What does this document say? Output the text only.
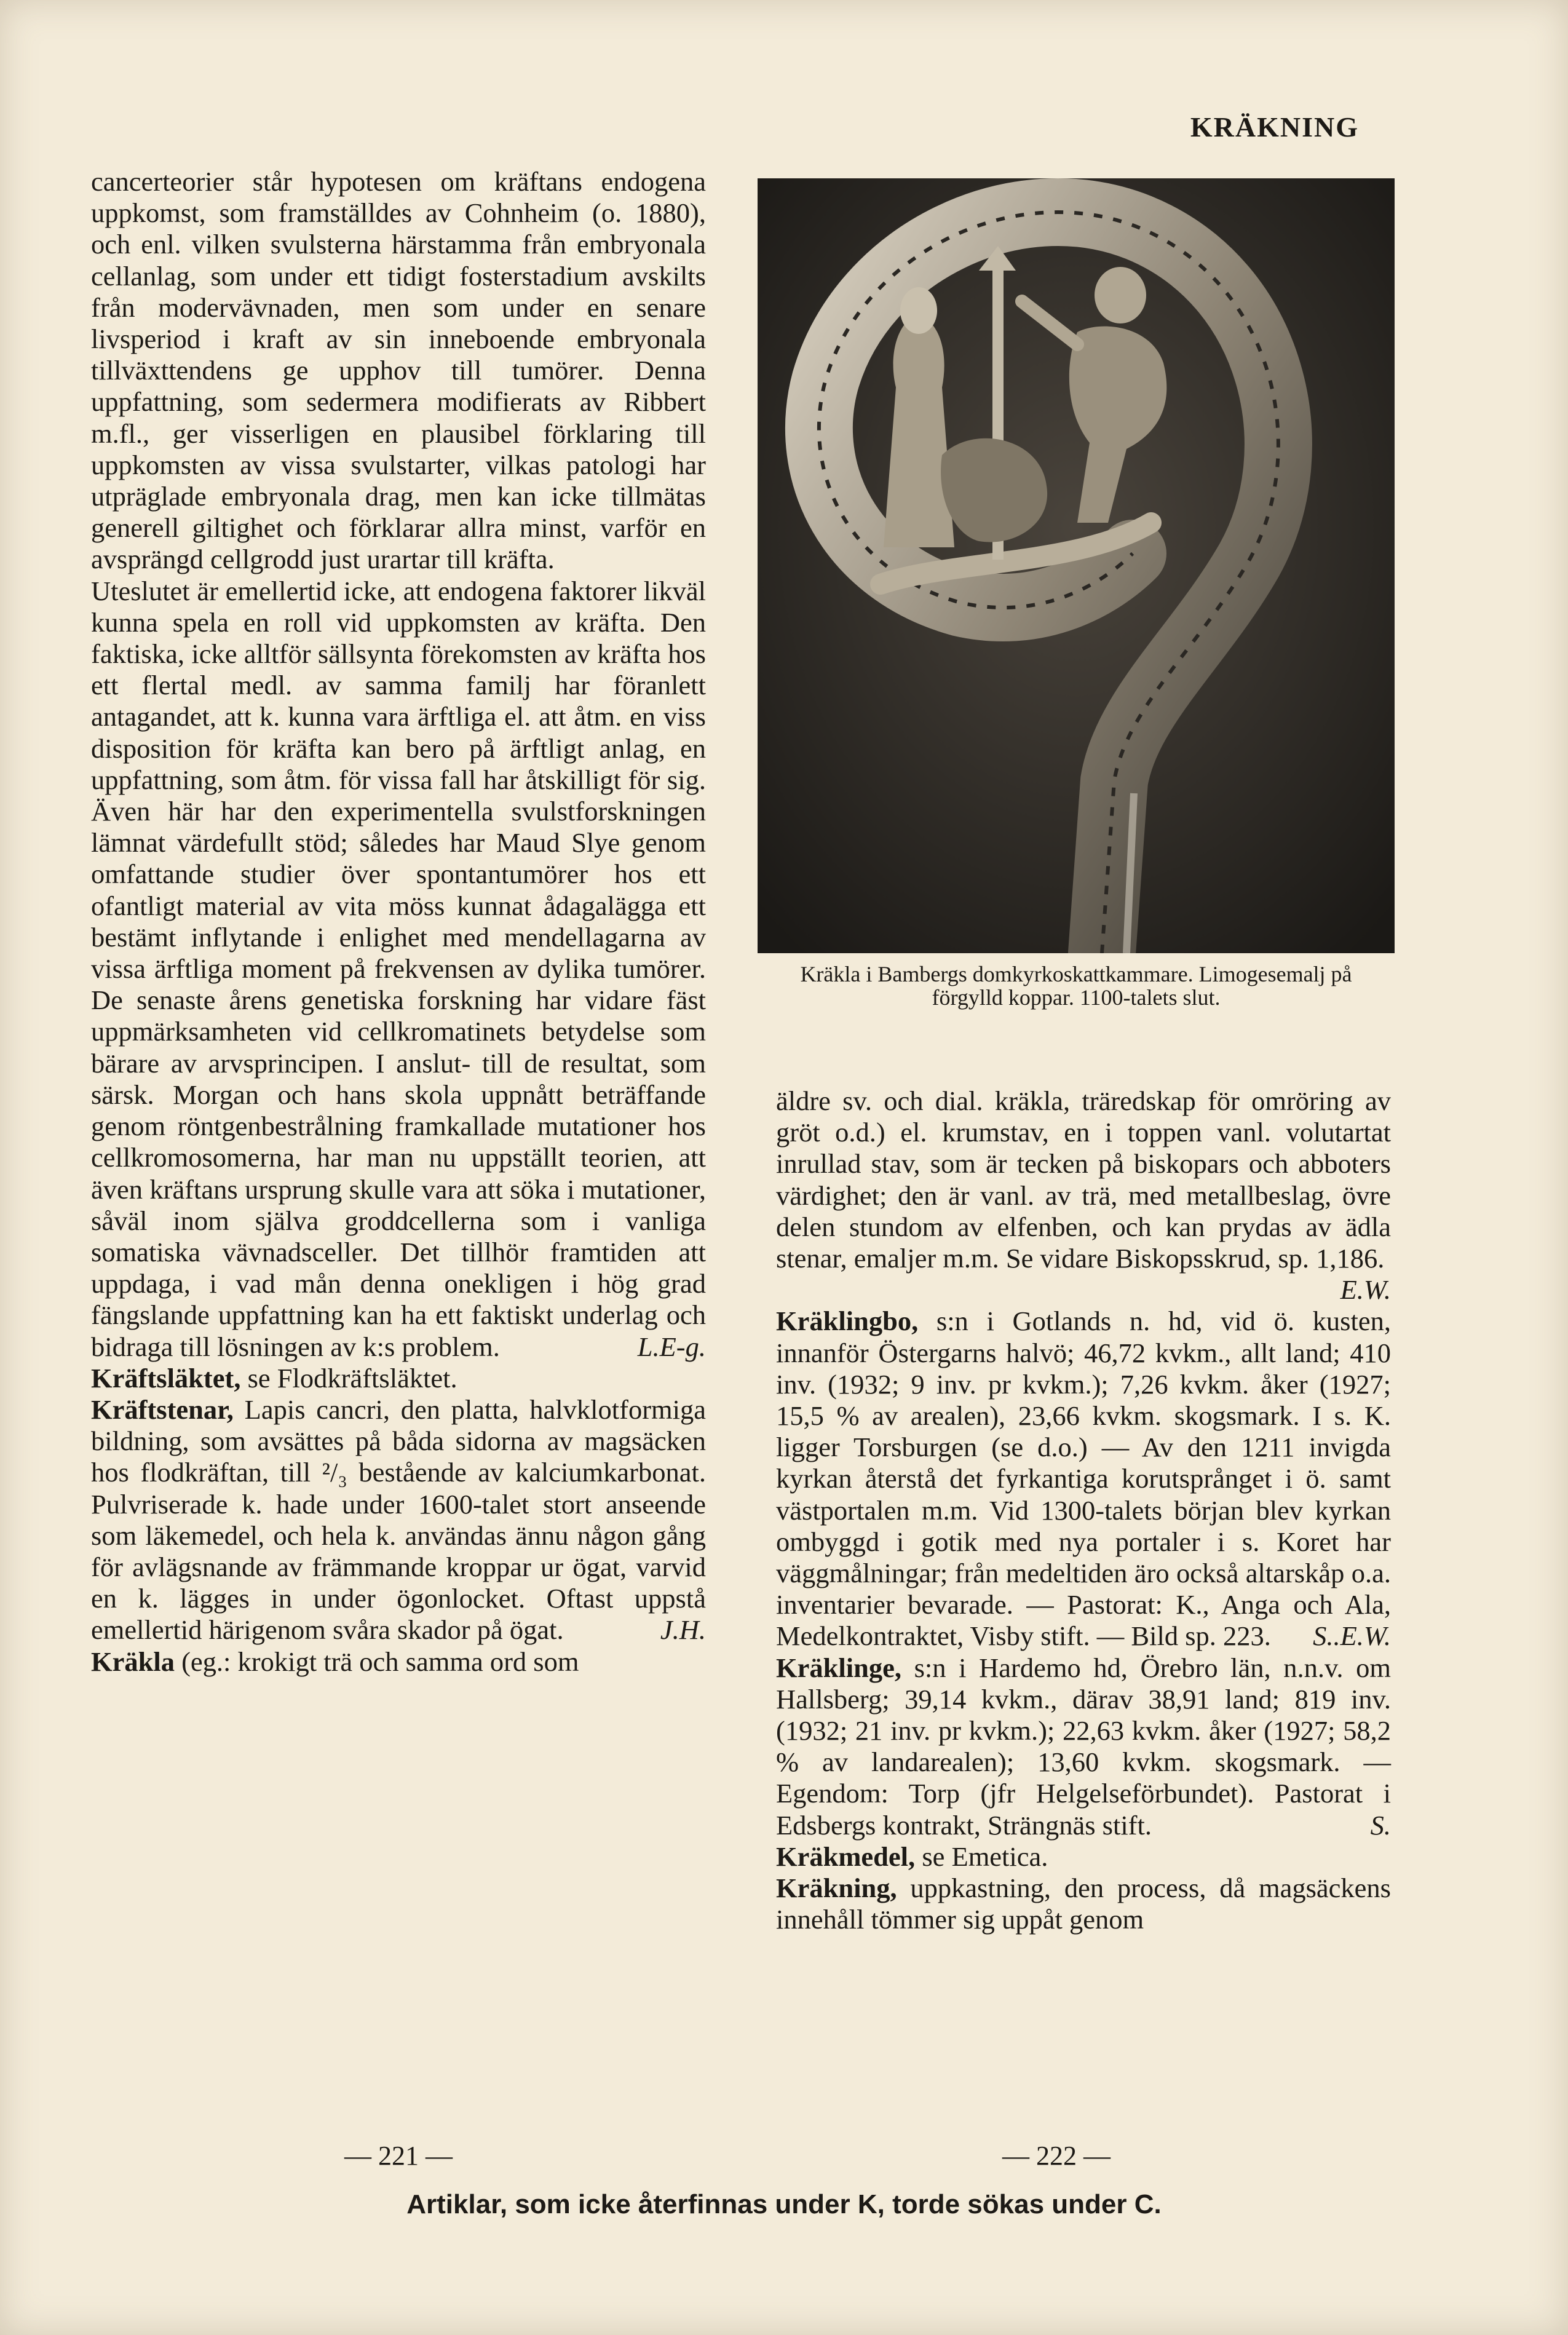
KRÄKNING

cancerteorier står hypotesen om kräftans endogena uppkomst, som framställdes av Cohnheim (o. 1880), och enl. vilken svulsterna härstamma från embryonala cellanlag, som under ett tidigt fosterstadium avskilts från modervävnaden, men som under en senare livsperiod i kraft av sin inneboende embryonala tillväxttendens ge upphov till tumörer. Denna uppfattning, som sedermera modifierats av Ribbert m.fl., ger visserligen en plausibel förklaring till uppkomsten av vissa svulstarter, vilkas patologi har utpräglade embryonala drag, men kan icke tillmätas generell giltighet och förklarar allra minst, varför en avsprängd cellgrodd just urartar till kräfta.

Uteslutet är emellertid icke, att endogena faktorer likväl kunna spela en roll vid uppkomsten av kräfta. Den faktiska, icke alltför sällsynta förekomsten av kräfta hos ett flertal medl. av samma familj har föranlett antagandet, att k. kunna vara ärftliga el. att åtm. en viss disposition för kräfta kan bero på ärftligt anlag, en uppfattning, som åtm. för vissa fall har åtskilligt för sig. Även här har den experimentella svulstforskningen lämnat värdefullt stöd; således har Maud Slye genom omfattande studier över spontantumörer hos ett ofantligt material av vita möss kunnat ådagalägga ett bestämt inflytande i enlighet med mendellagarna av vissa ärftliga moment på frekvensen av dylika tumörer. De senaste årens genetiska forskning har vidare fäst uppmärksamheten vid cellkromatinets betydelse som bärare av arvsprincipen. I anslut- till de resultat, som särsk. Morgan och hans skola uppnått beträffande genom röntgenbestrålning framkallade mutationer hos cellkromosomerna, har man nu uppställt teorien, att även kräftans ursprung skulle vara att söka i mutationer, såväl inom själva groddcellerna som i vanliga somatiska vävnadsceller. Det tillhör framtiden att uppdaga, i vad mån denna onekligen i hög grad fängslande uppfattning kan ha ett faktiskt underlag och bidraga till lösningen av k:s problem.	L.E-g.

Kräftsläktet, se Flodkräftsläktet.

Kräftstenar, Lapis cancri, den platta, halvklotformiga bildning, som avsättes på båda sidorna av magsäcken hos flodkräftan, till ²/₃ bestående av kalciumkarbonat. Pulvriserade k. hade under 1600-talet stort anseende som läkemedel, och hela k. användas ännu någon gång för avlägsnande av främmande kroppar ur ögat, varvid en k. lägges in under ögonlocket. Oftast uppstå emellertid härigenom svåra skador på ögat.	J.H.

Kräkla (eg.: krokigt trä och samma ord som

Kräkla i Bambergs domkyrkoskattkammare. Limogesemalj på förgylld koppar. 1100-talets slut.

äldre sv. och dial. kräkla, träredskap för omröring av gröt o.d.) el. krumstav, en i toppen vanl. volutartat inrullad stav, som är tecken på biskopars och abboters värdighet; den är vanl. av trä, med metallbeslag, övre delen stundom av elfenben, och kan prydas av ädla stenar, emaljer m.m. Se vidare Biskopsskrud, sp. 1,186.
E.W.

Kräklingbo, s:n i Gotlands n. hd, vid ö. kusten, innanför Östergarns halvö; 46,72 kvkm., allt land; 410 inv. (1932; 9 inv. pr kvkm.); 7,26 kvkm. åker (1927; 15,5 % av arealen), 23,66 kvkm. skogsmark. I s. K. ligger Torsburgen (se d.o.) — Av den 1211 invigda kyrkan återstå det fyrkantiga korutsprånget i ö. samt västportalen m.m. Vid 1300-talets början blev kyrkan ombyggd i gotik med nya portaler i s. Koret har väggmålningar; från medeltiden äro också altarskåp o.a. inventarier bevarade. — Pastorat: K., Anga och Ala, Medelkontraktet, Visby stift. — Bild sp. 223. S..E.W.

Kräklinge, s:n i Hardemo hd, Örebro län, n.n.v. om Hallsberg; 39,14 kvkm., därav 38,91 land; 819 inv. (1932; 21 inv. pr kvkm.); 22,63 kvkm. åker (1927; 58,2 % av landarealen); 13,60 kvkm. skogsmark. — Egendom: Torp (jfr Helgelseförbundet). Pastorat i Edsbergs kontrakt, Strängnäs stift.	S.

Kräkmedel, se Emetica.

Kräkning, uppkastning, den process, då magsäckens innehåll tömmer sig uppåt genom

— 221 —	— 222 —
Artiklar, som icke återfinnas under K, torde sökas under C.
